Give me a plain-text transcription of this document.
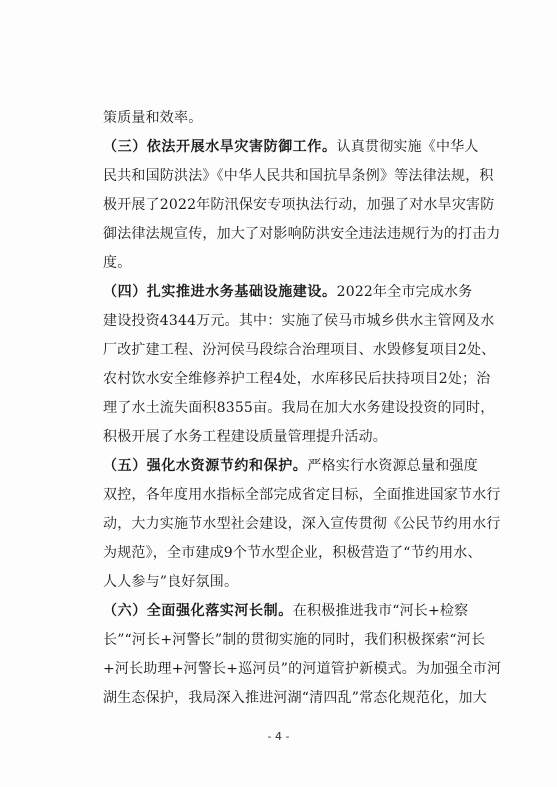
策质量和效率。
（三）依法开展水旱灾害防御工作。认真贯彻实施《中华人
民共和国防洪法》《中华人民共和国抗旱条例》等法律法规，积
极开展了2022年防汛保安专项执法行动，加强了对水旱灾害防
御法律法规宣传，加大了对影响防洪安全违法违规行为的打击力
度。
（四）扎实推进水务基础设施建设。2022年全市完成水务
建设投资4344万元。其中：实施了侯马市城乡供水主管网及水
厂改扩建工程、汾河侯马段综合治理项目、水毁修复项目2处、
农村饮水安全维修养护工程4处，水库移民后扶持项目2处；治
理了水土流失面积8355亩。我局在加大水务建设投资的同时，
积极开展了水务工程建设质量管理提升活动。
（五）强化水资源节约和保护。严格实行水资源总量和强度
双控，各年度用水指标全部完成省定目标，全面推进国家节水行
动，大力实施节水型社会建设，深入宣传贯彻《公民节约用水行
为规范》，全市建成9个节水型企业，积极营造了“节约用水、
人人参与”良好氛围。
（六）全面强化落实河长制。在积极推进我市“河长+检察
长”“河长+河警长”制的贯彻实施的同时，我们积极探索“河长
+河长助理+河警长+巡河员”的河道管护新模式。为加强全市河
湖生态保护，我局深入推进河湖“清四乱”常态化规范化，加大
- 4 -
